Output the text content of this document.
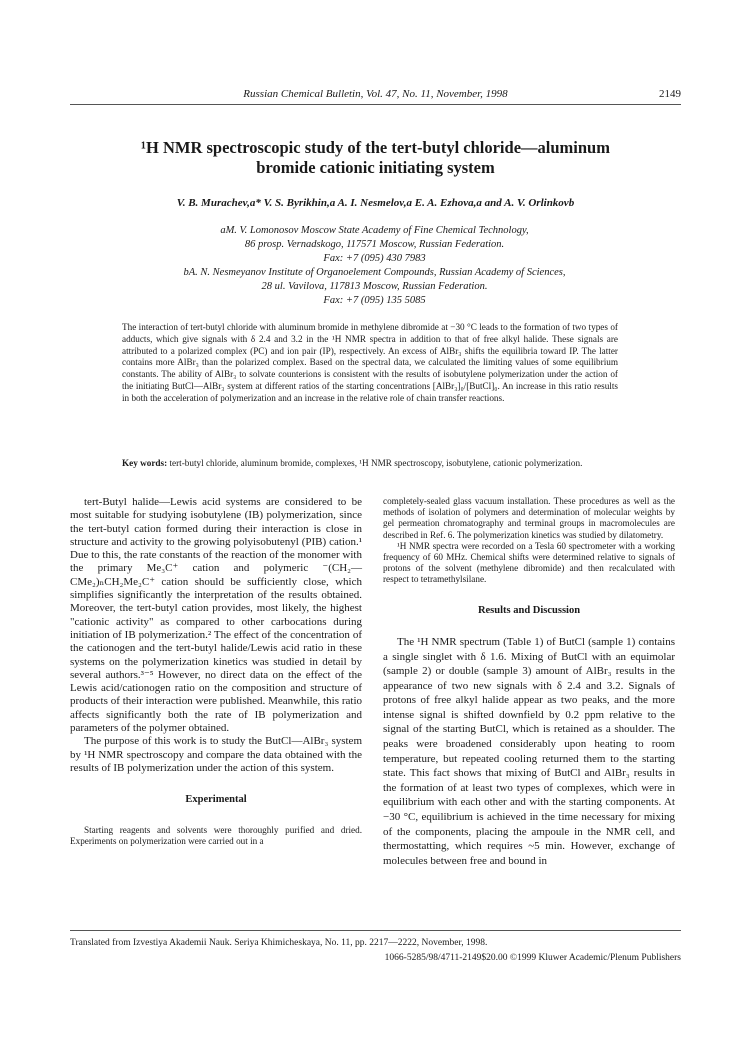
Russian Chemical Bulletin, Vol. 47, No. 11, November, 1998	2149
¹H NMR spectroscopic study of the tert-butyl chloride—aluminum
bromide cationic initiating system
V. B. Murachev,a* V. S. Byrikhin,a A. I. Nesmelov,a E. A. Ezhova,a and A. V. Orlinkovb
aM. V. Lomonosov Moscow State Academy of Fine Chemical Technology,
86 prosp. Vernadskogo, 117571 Moscow, Russian Federation.
Fax: +7 (095) 430 7983
bA. N. Nesmeyanov Institute of Organoelement Compounds, Russian Academy of Sciences,
28 ul. Vavilova, 117813 Moscow, Russian Federation.
Fax: +7 (095) 135 5085
The interaction of tert-butyl chloride with aluminum bromide in methylene dibromide at −30 °C leads to the formation of two types of adducts, which give signals with δ 2.4 and 3.2 in the ¹H NMR spectra in addition to that of free alkyl halide. These signals are attributed to a polarized complex (PC) and ion pair (IP), respectively. An excess of AlBr₃ shifts the equilibria toward IP. The latter contains more AlBr₃ than the polarized complex. Based on the spectral data, we calculated the limiting values of some equilibrium constants. The ability of AlBr₃ to solvate counterions is consistent with the results of isobutylene polymerization under the action of the initiating ButCl—AlBr₃ system at different ratios of the starting concentrations [AlBr₃]₀/[ButCl]₀. An increase in this ratio results in both the acceleration of polymerization and an increase in the relative role of chain transfer reactions.
Key words: tert-butyl chloride, aluminum bromide, complexes, ¹H NMR spectroscopy, isobutylene, cationic polymerization.

tert-Butyl halide—Lewis acid systems are considered to be most suitable for studying isobutylene (IB) polymerization, since the tert-butyl cation formed during their interaction is close in structure and activity to the growing polyisobutenyl (PIB) cation.¹ Due to this, the rate constants of the reaction of the monomer with the primary Me₃C⁺ cation and polymeric ⁻(CH₂—CMe₂)ₙCH₂Me₂C⁺ cation should be sufficiently close, which simplifies significantly the interpretation of the results obtained. Moreover, the tert-butyl cation provides, most likely, the highest "cationic activity" as compared to other carbocations during initiation of IB polymerization.² The effect of the concentration of the cationogen and the tert-butyl halide/Lewis acid ratio in these systems on the polymerization kinetics was studied in detail by several authors.³⁻⁵ However, no direct data on the effect of the Lewis acid/cationogen ratio on the composition and structure of products of their interaction were published. Meanwhile, this ratio affects significantly both the rate of IB polymerization and parameters of the polymer obtained.

The purpose of this work is to study the ButCl—AlBr₃ system by ¹H NMR spectroscopy and compare the data obtained with the results of IB polymerization under the action of this system.

Experimental

Starting reagents and solvents were thoroughly purified and dried. Experiments on polymerization were carried out in a

completely-sealed glass vacuum installation. These procedures as well as the methods of isolation of polymers and determination of molecular weights by gel permeation chromatography and terminal groups in macromolecules are described in Ref. 6. The polymerization kinetics was studied by dilatometry.

¹H NMR spectra were recorded on a Tesla 60 spectrometer with a working frequency of 60 MHz. Chemical shifts were determined relative to signals of protons of the solvent (methylene dibromide) and then recalculated with respect to tetramethylsilane.

Results and Discussion

The ¹H NMR spectrum (Table 1) of ButCl (sample 1) contains a single singlet with δ 1.6. Mixing of ButCl with an equimolar (sample 2) or double (sample 3) amount of AlBr₃ results in the appearance of two new signals with δ 2.4 and 3.2. Signals of protons of free alkyl halide appear as two peaks, and the more intense signal is shifted downfield by 0.2 ppm relative to the signal of the starting ButCl, which is retained as a shoulder. The peaks were broadened considerably upon heating to room temperature, but repeated cooling returned them to the starting state. This fact shows that mixing of ButCl and AlBr₃ results in the formation of at least two types of complexes, which were in equilibrium with each other and with the starting components. At −30 °C, equilibrium is achieved in the time necessary for mixing of the components, placing the ampoule in the NMR cell, and thermostatting, which requires ~5 min. However, exchange of molecules between free and bound in

Translated from Izvestiya Akademii Nauk. Seriya Khimicheskaya, No. 11, pp. 2217—2222, November, 1998.
1066-5285/98/4711-2149$20.00 ©1999 Kluwer Academic/Plenum Publishers
